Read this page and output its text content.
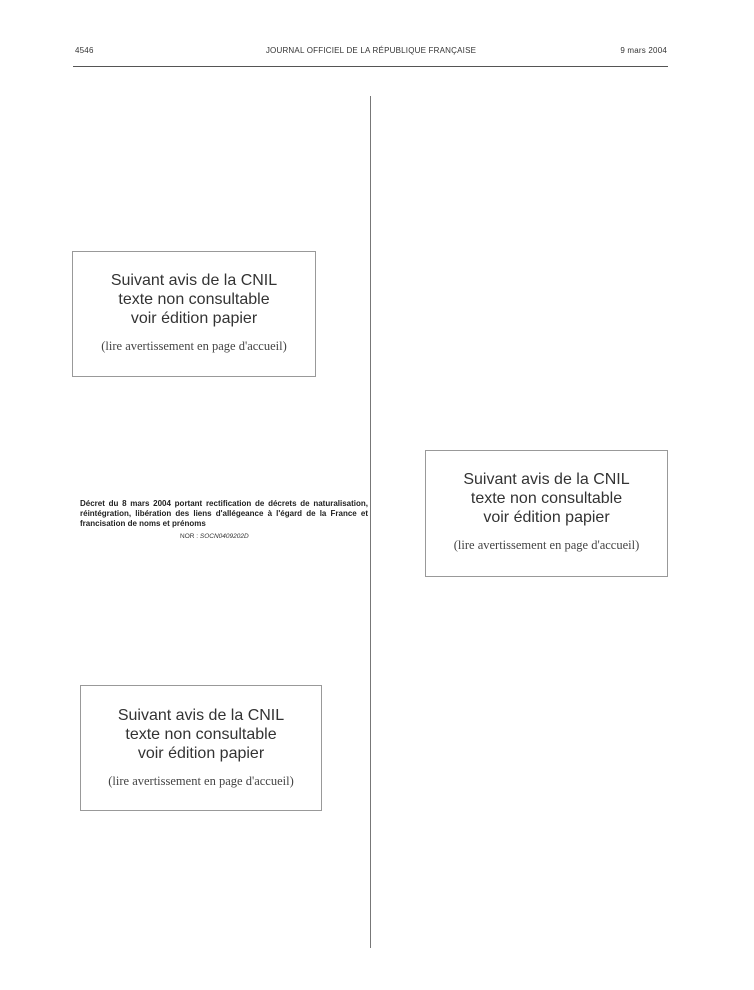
4546	JOURNAL OFFICIEL DE LA RÉPUBLIQUE FRANÇAISE	9 mars 2004
Suivant avis de la CNIL
texte non consultable
voir édition papier
(lire avertissement en page d'accueil)
Suivant avis de la CNIL
texte non consultable
voir édition papier
(lire avertissement en page d'accueil)
Décret du 8 mars 2004 portant rectification de décrets de naturalisation, réintégration, libération des liens d'allégeance à l'égard de la France et francisation de noms et prénoms
NOR : SOCN0409202D
Suivant avis de la CNIL
texte non consultable
voir édition papier
(lire avertissement en page d'accueil)
